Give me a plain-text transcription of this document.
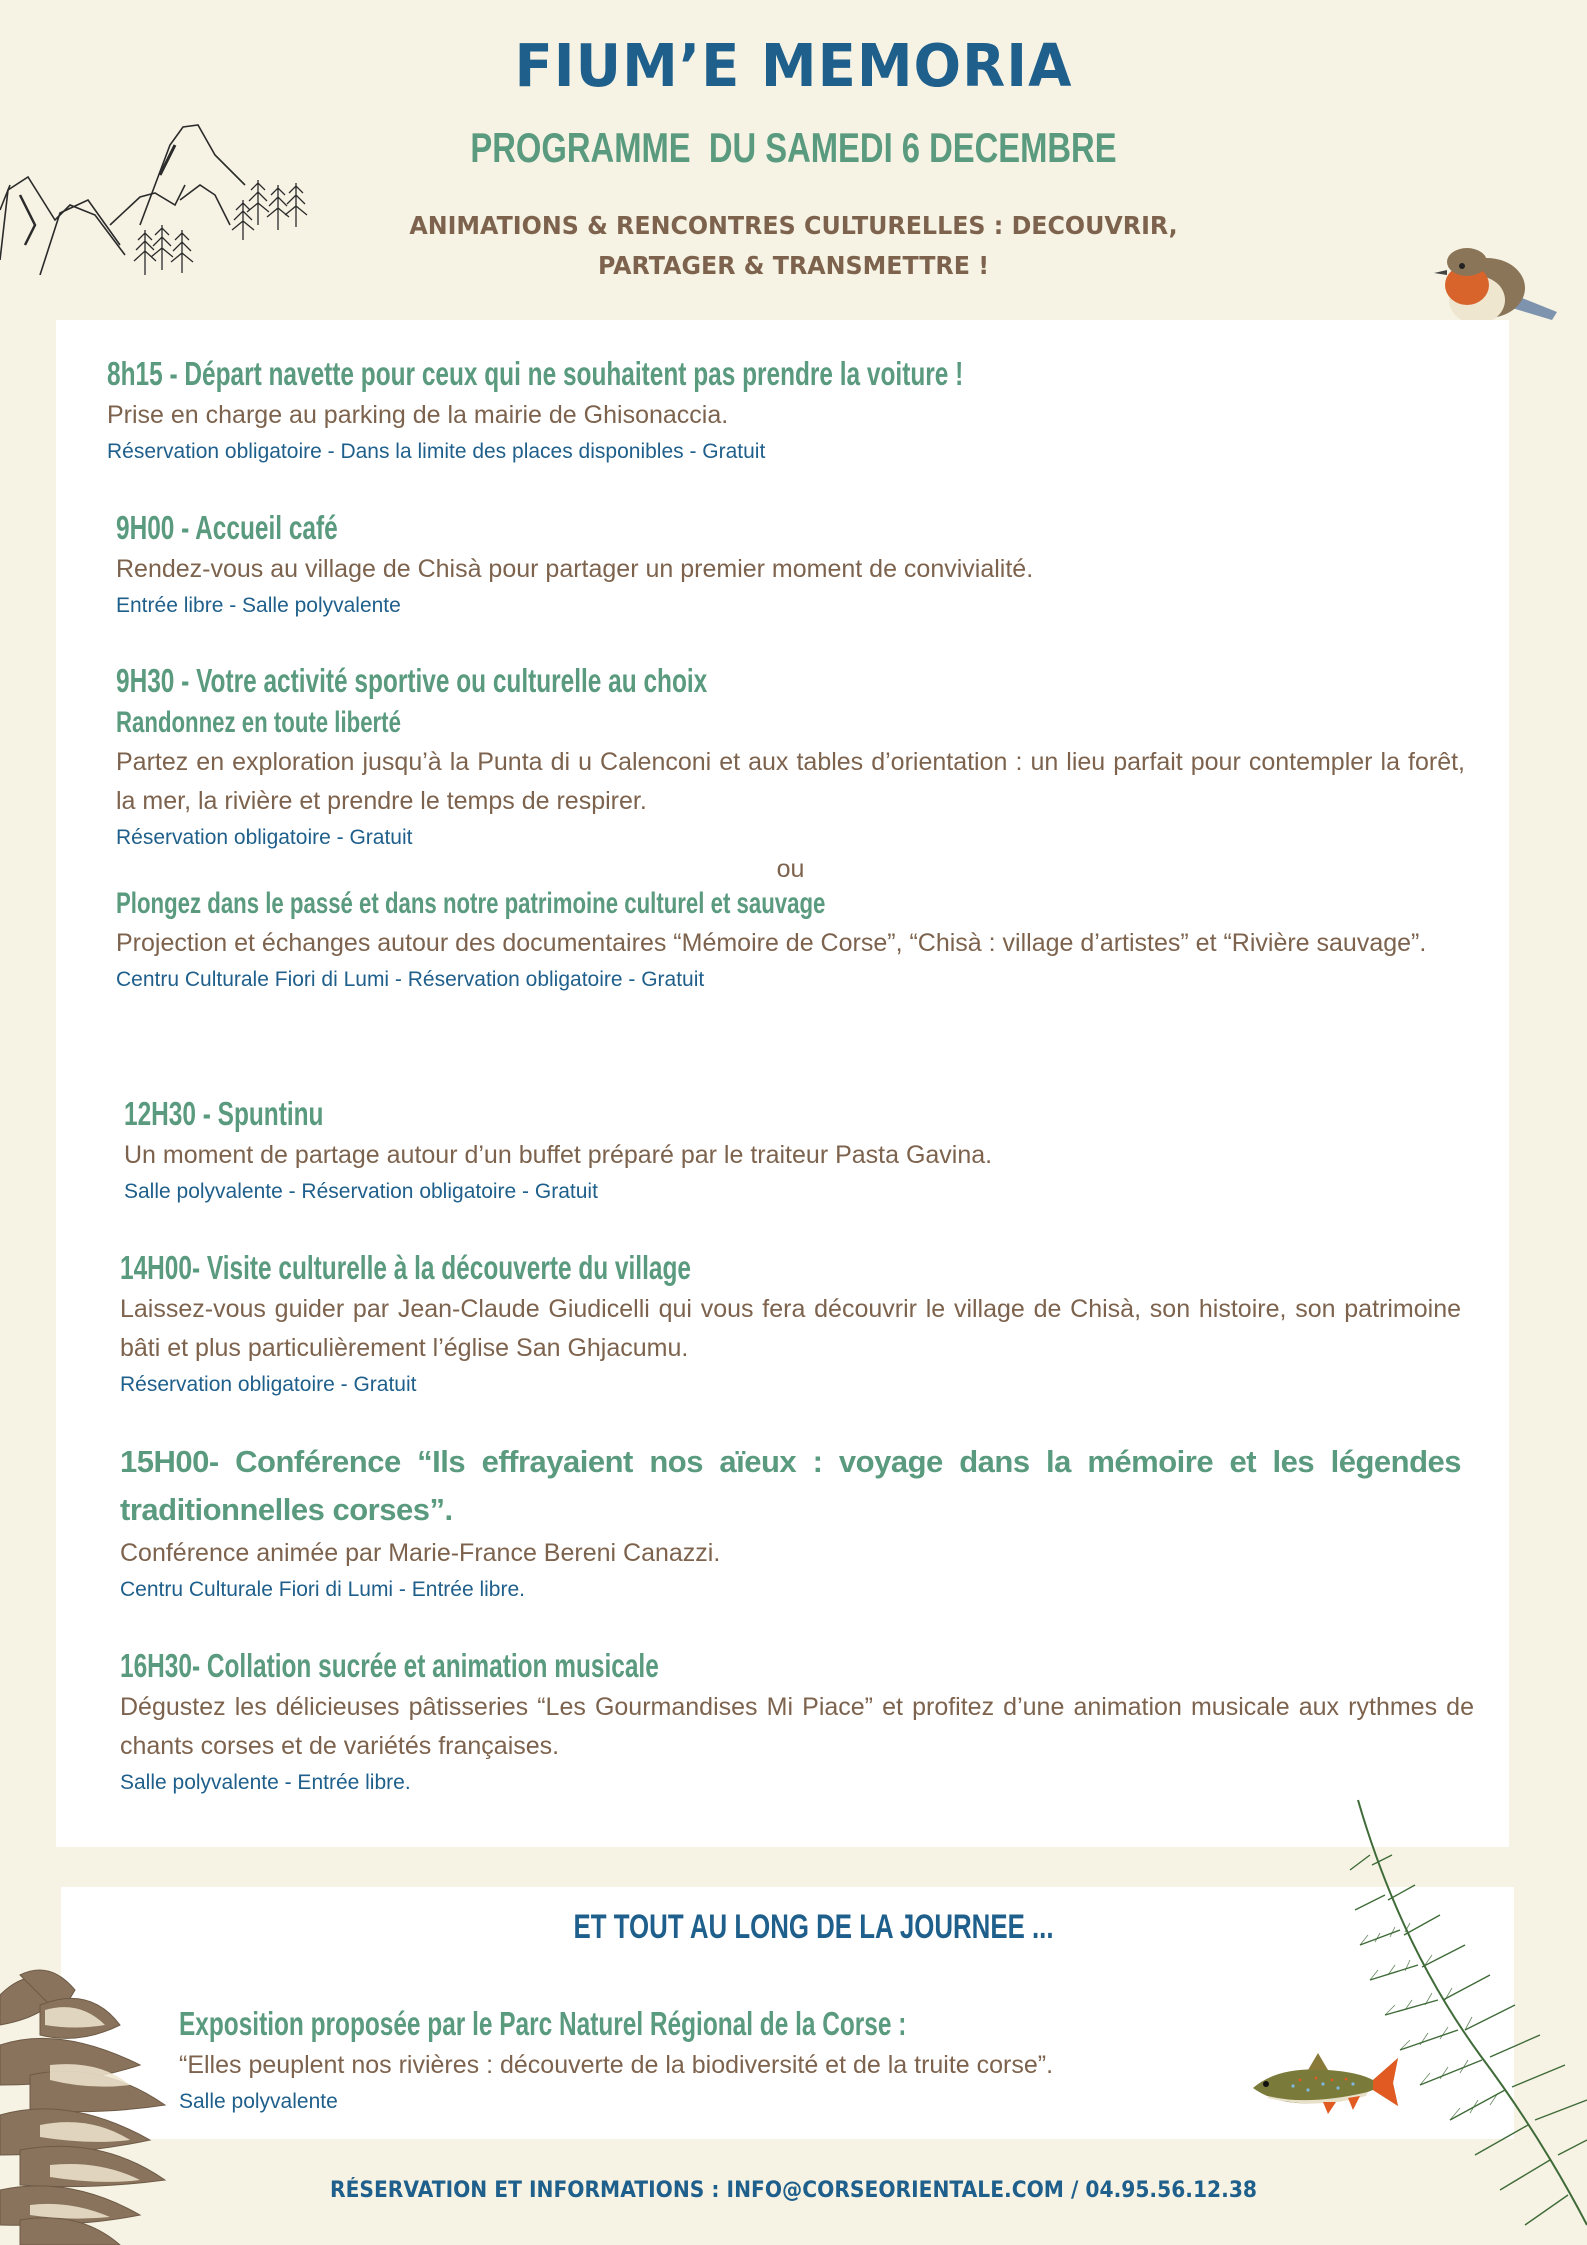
FIUM’E MEMORIA
PROGRAMME  DU SAMEDI 6 DECEMBRE
ANIMATIONS & RENCONTRES CULTURELLES : DECOUVRIR,
PARTAGER & TRANSMETTRE !
8h15 - Départ navette pour ceux qui ne souhaitent pas prendre la voiture !
Prise en charge au parking de la mairie de Ghisonaccia.
Réservation obligatoire - Dans la limite des places disponibles - Gratuit
9H00 - Accueil café
Rendez-vous au village de Chisà pour partager un premier moment de convivialité.
Entrée libre - Salle polyvalente
9H30 - Votre activité sportive ou culturelle au choix
Randonnez en toute liberté
Partez en exploration jusqu’à la Punta di u Calenconi et aux tables d’orientation : un lieu parfait pour contempler la forêt, la mer, la rivière et prendre le temps de respirer.
Réservation obligatoire - Gratuit
ou
Plongez dans le passé et dans notre patrimoine culturel et sauvage
Projection et échanges autour des documentaires “Mémoire de Corse”, “Chisà : village d’artistes” et “Rivière sauvage”.
Centru Culturale Fiori di Lumi - Réservation obligatoire - Gratuit
12H30 - Spuntinu
Un moment de partage autour d’un buffet préparé par le traiteur Pasta Gavina.
Salle polyvalente - Réservation obligatoire - Gratuit
14H00- Visite culturelle à la découverte du village
Laissez-vous guider par Jean-Claude Giudicelli qui vous fera découvrir le village de Chisà, son histoire, son patrimoine bâti et plus particulièrement l’église San Ghjacumu.
Réservation obligatoire - Gratuit
15H00- Conférence “Ils effrayaient nos aïeux : voyage dans la mémoire et les légendes traditionnelles corses”.
Conférence animée par Marie-France Bereni Canazzi.
Centru Culturale Fiori di Lumi - Entrée libre.
16H30- Collation sucrée et animation musicale
Dégustez les délicieuses pâtisseries “Les Gourmandises Mi Piace” et profitez d’une animation musicale aux rythmes de chants corses et de variétés françaises.
Salle polyvalente - Entrée libre.
ET TOUT AU LONG DE LA JOURNEE ...
Exposition proposée par le Parc Naturel Régional de la Corse :
“Elles peuplent nos rivières : découverte de la biodiversité et de la truite corse”.
Salle polyvalente
RÉSERVATION ET INFORMATIONS : INFO@CORSEORIENTALE.COM / 04.95.56.12.38
